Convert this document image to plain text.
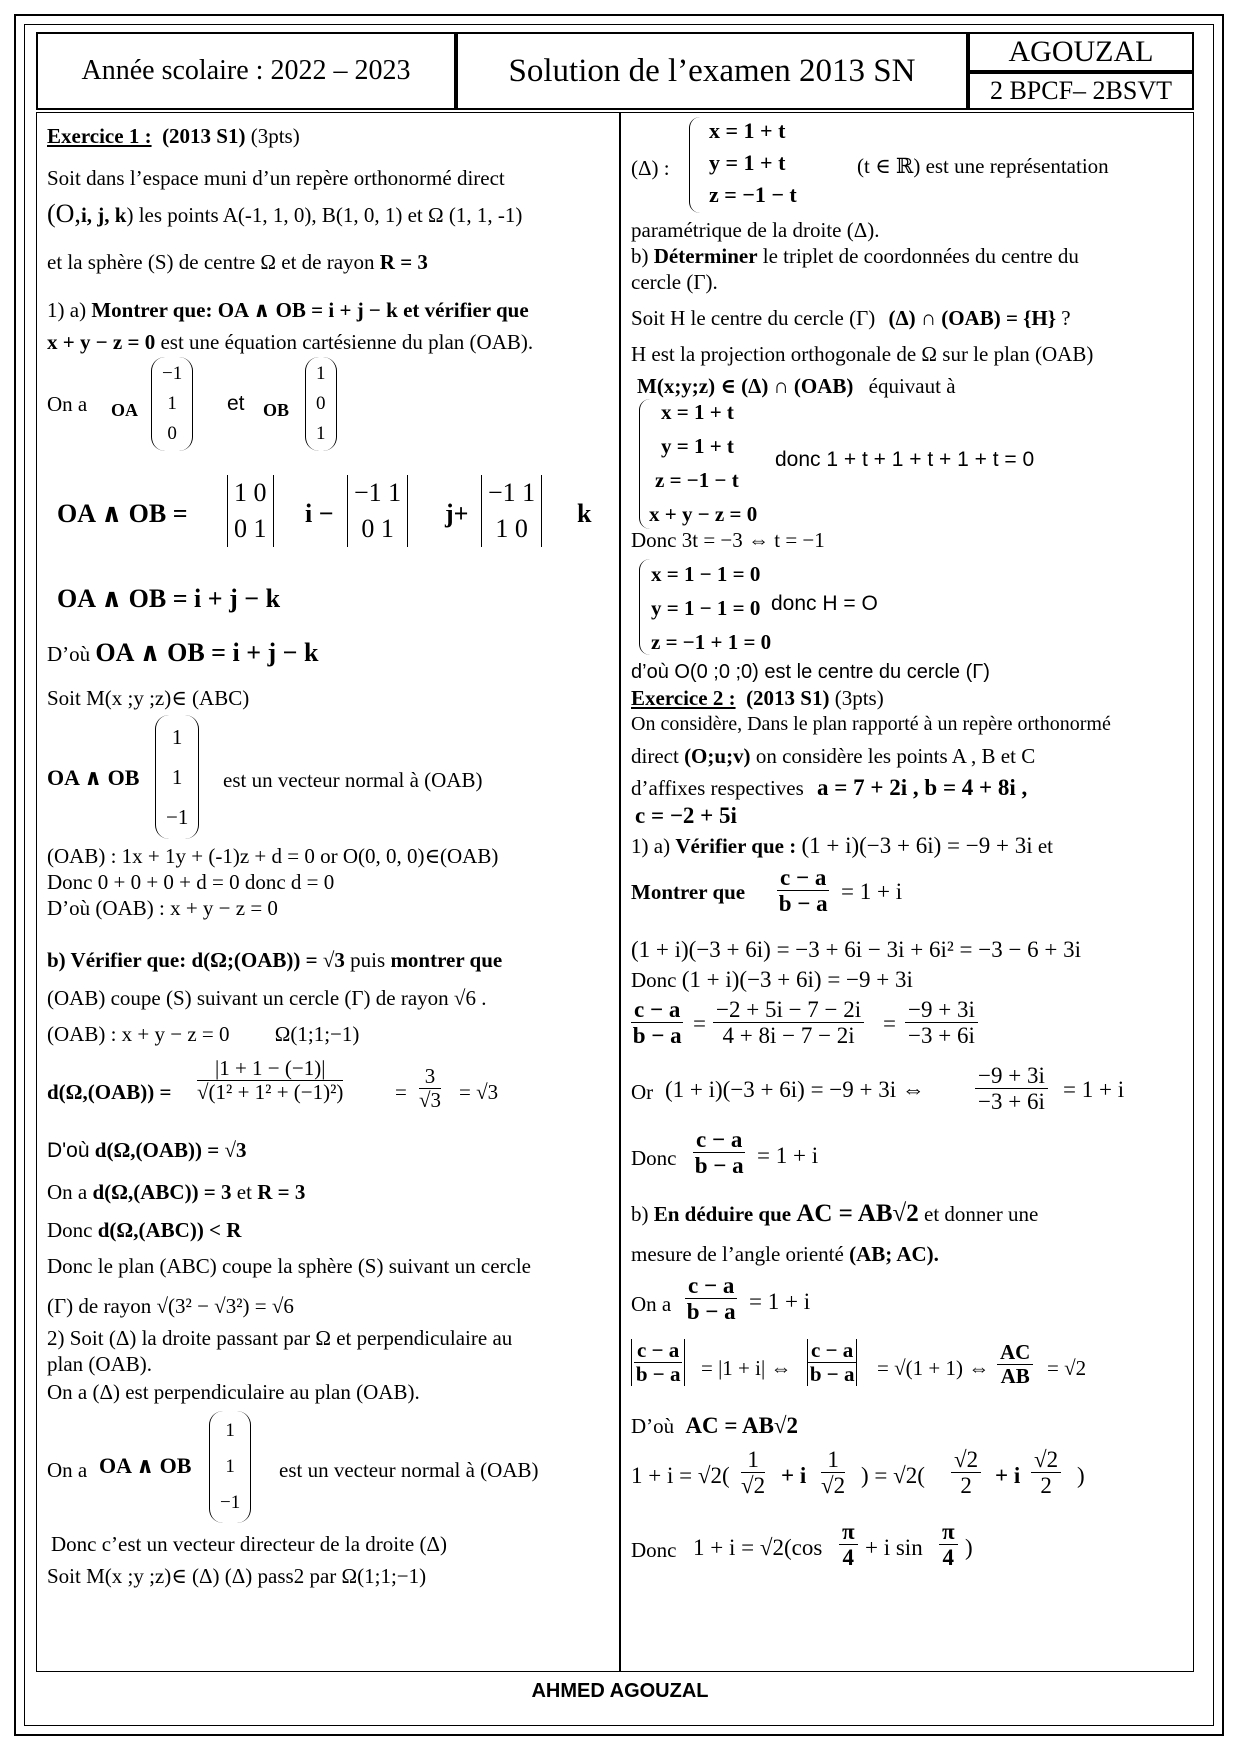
Année scolaire : 2022 – 2023	Solution de l’examen 2013 SN
AGOUZAL
2 BPCF– 2BSVT
Exercice 1 : (2013 S1) (3pts)
Soit dans l’espace muni d’un repère orthonormé direct
(O,i, j, k) les points A(-1, 1, 0), B(1, 0, 1) et Ω (1, 1, -1)
et la sphère (S) de centre Ω et de rayon R = 3
1) a) Montrer que: OA ∧ OB = i + j − k et vérifier que
x + y − z = 0 est une équation cartésienne du plan (OAB).
On a OA
−1
1
0
et OB
1
0
1
OA ∧ OB =
1 0
0 1
i −
−1 1
0 1
j+
−1 1
1 0
k
OA ∧ OB = i + j − k
D’où OA ∧ OB = i + j − k
Soit M(x ;y ;z)∈ (ABC)
OA ∧ OB
1
1
−1
est un vecteur normal à (OAB)
(OAB) : 1x + 1y + (-1)z + d = 0 or O(0, 0, 0)∈(OAB)
Donc 0 + 0 + 0 + d = 0 donc d = 0
D’où (OAB) : x + y − z = 0
b) Vérifier que: d(Ω;(OAB)) = √3 puis montrer que
(OAB) coupe (S) suivant un cercle (Γ) de rayon √6 .
(OAB) : x + y − z = 0 Ω(1;1;−1)
$d(\Omega,(OAB)) = \frac{|1 + 1 - (-1)|}{\text{√(1² + 1² + (−1)²)}} = \frac{3}{√3} = √3$
D'où d(Ω,(OAB)) = √3
On a d(Ω,(ABC)) = 3 et R = 3
Donc d(Ω,(ABC)) < R
Donc le plan (ABC) coupe la sphère (S) suivant un cercle
(Γ) de rayon √(3² − √3²) = √6
2) Soit (Δ) la droite passant par Ω et perpendiculaire au
plan (OAB).
On a (Δ) est perpendiculaire au plan (OAB).
On a OA ∧ OB
1
1
−1
est un vecteur normal à (OAB)
Donc c’est un vecteur directeur de la droite (Δ)
Soit M(x ;y ;z)∈ (Δ) (Δ) pass2 par Ω(1;1;−1)
(Δ) :
x = 1 + t
y = 1 + t
z = −1 − t
(t ∈ ℝ) est une représentation
paramétrique de la droite (Δ).
b) Déterminer le triplet de coordonnées du centre du
cercle (Γ).
Soit H le centre du cercle (Γ) (Δ) ∩ (OAB) = {H} ?
H est la projection orthogonale de Ω sur le plan (OAB)
M(x;y;z) ∈ (Δ) ∩ (OAB) équivaut à
x = 1 + t
y = 1 + t
z = −1 − t
x + y − z = 0
donc 1 + t + 1 + t + 1 + t = 0
Donc 3t = −3 ⇔ t = −1
x = 1 − 1 = 0
y = 1 − 1 = 0
z = −1 + 1 = 0
donc H = O
d’où O(0 ;0 ;0) est le centre du cercle (Γ)
Exercice 2 : (2013 S1) (3pts)
On considère, Dans le plan rapporté à un repère orthonormé
direct (O;u;v) on considère les points A , B et C
d’affixes respectives a = 7 + 2i , b = 4 + 8i ,
c = −2 + 5i
1) a) Vérifier que : (1 + i)(−3 + 6i) = −9 + 3i et
Montrer que $\frac{c - a}{b - a} = 1 + i$
(1 + i)(−3 + 6i) = −3 + 6i − 3i + 6i² = −3 − 6 + 3i
Donc (1 + i)(−3 + 6i) = −9 + 3i
$\frac{c - a}{b - a} = \frac{-2 + 5i - 7 - 2i}{4 + 8i - 7 - 2i} = \frac{-9 + 3i}{-3 + 6i}$
Or (1 + i)(−3 + 6i) = −9 + 3i ⇔ $\frac{-9 + 3i}{-3 + 6i} = 1 + i$
Donc $\frac{c - a}{b - a} = 1 + i$
b) En déduire que AC = AB√2 et donner une
mesure de l’angle orienté (AB; AC).
On a $\frac{c - a}{b - a} = 1 + i$
$\frac{c - a}{b - a} = |1 + i|$ ⇔ $\frac{c - a}{b - a} = √(1 + 1)$ ⇔ $\frac{AC}{AB} = √2$
D’où AC = AB√2
$1 + i = √2( \frac{1}{√2} + i \frac{1}{√2}$ ) = $√2( \frac{√2}{2} + i \frac{√2}{2}$ )
Donc $1 + i = √2(\cos \frac{\pi}{4} + i$ $\sin \frac{\pi}{4}$ )
AHMED AGOUZAL
